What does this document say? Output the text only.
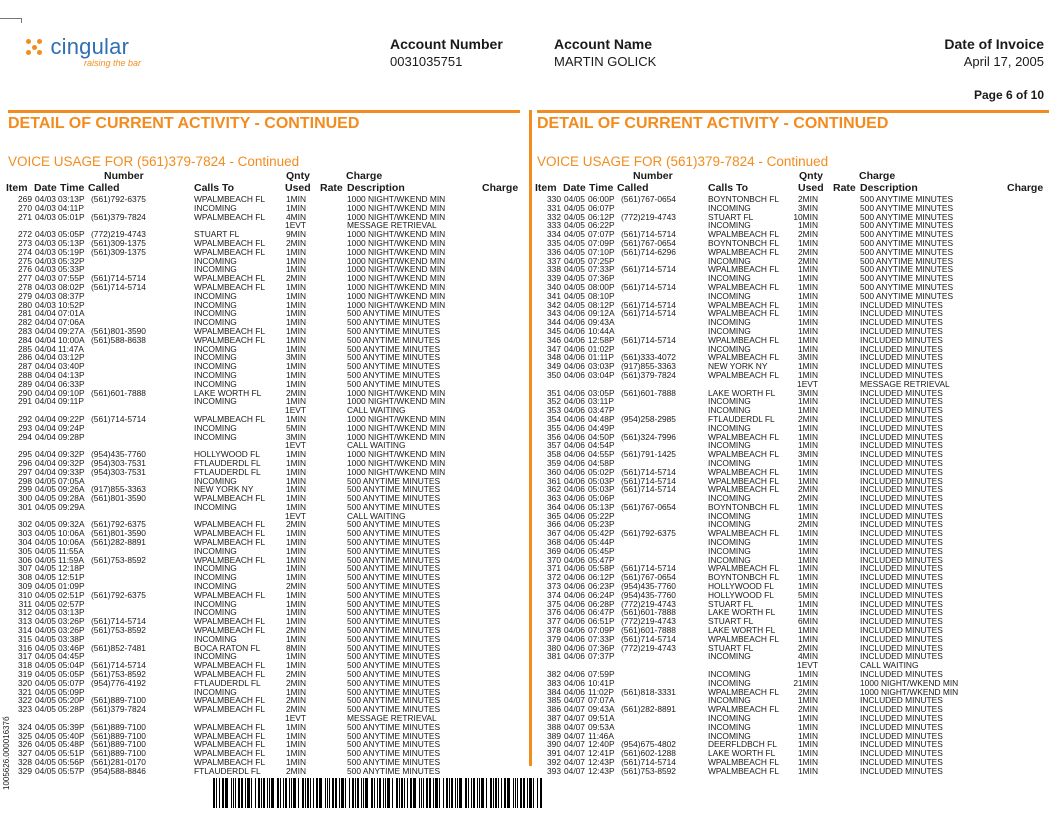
cingular
raising the bar
Account Number
0031035751
Account Name
MARTIN GOLICK
Date of Invoice
April 17, 2005
Page 6 of 10
DETAIL OF CURRENT ACTIVITY - CONTINUED
VOICE USAGE FOR (561)379-7824 - Continued
Number	Qnty	Charge
Item Date Time Called	Calls To	Used Rate Description	Charge
269 04/03 03:13P (561)792-6375	WPALMBEACH FL	1MIN	1000 NIGHT/WKEND MIN
270 04/03 04:11P	INCOMING	1MIN	1000 NIGHT/WKEND MIN
271 04/03 05:01P (561)379-7824	WPALMBEACH FL	4MIN	1000 NIGHT/WKEND MIN
1EVT	MESSAGE RETRIEVAL
272 04/03 05:05P (772)219-4743	STUART FL	9MIN	1000 NIGHT/WKEND MIN
273 04/03 05:13P (561)309-1375	WPALMBEACH FL	2MIN	1000 NIGHT/WKEND MIN
274 04/03 05:19P (561)309-1375	WPALMBEACH FL	1MIN	1000 NIGHT/WKEND MIN
275 04/03 05:32P	INCOMING	1MIN	1000 NIGHT/WKEND MIN
276 04/03 05:33P	INCOMING	1MIN	1000 NIGHT/WKEND MIN
277 04/03 07:55P (561)714-5714	WPALMBEACH FL	2MIN	1000 NIGHT/WKEND MIN
278 04/03 08:02P (561)714-5714	WPALMBEACH FL	1MIN	1000 NIGHT/WKEND MIN
279 04/03 08:37P	INCOMING	1MIN	1000 NIGHT/WKEND MIN
280 04/03 10:52P	INCOMING	1MIN	1000 NIGHT/WKEND MIN
281 04/04 07:01A	INCOMING	1MIN	500 ANYTIME MINUTES
282 04/04 07:06A	INCOMING	1MIN	500 ANYTIME MINUTES
283 04/04 09:27A (561)801-3590	WPALMBEACH FL	1MIN	500 ANYTIME MINUTES
284 04/04 10:00A (561)588-8638	WPALMBEACH FL	1MIN	500 ANYTIME MINUTES
285 04/04 11:47A	INCOMING	1MIN	500 ANYTIME MINUTES
286 04/04 03:12P	INCOMING	3MIN	500 ANYTIME MINUTES
287 04/04 03:40P	INCOMING	1MIN	500 ANYTIME MINUTES
288 04/04 04:13P	INCOMING	1MIN	500 ANYTIME MINUTES
289 04/04 06:33P	INCOMING	1MIN	500 ANYTIME MINUTES
290 04/04 09:10P (561)601-7888	LAKE WORTH FL	2MIN	1000 NIGHT/WKEND MIN
291 04/04 09:11P	INCOMING	1MIN	1000 NIGHT/WKEND MIN
1EVT	CALL WAITING
292 04/04 09:22P (561)714-5714	WPALMBEACH FL	1MIN	1000 NIGHT/WKEND MIN
293 04/04 09:24P	INCOMING	5MIN	1000 NIGHT/WKEND MIN
294 04/04 09:28P	INCOMING	3MIN	1000 NIGHT/WKEND MIN
1EVT	CALL WAITING
295 04/04 09:32P (954)435-7760	HOLLYWOOD FL	1MIN	1000 NIGHT/WKEND MIN
296 04/04 09:32P (954)303-7531	FTLAUDERDL FL	1MIN	1000 NIGHT/WKEND MIN
297 04/04 09:33P (954)303-7531	FTLAUDERDL FL	1MIN	1000 NIGHT/WKEND MIN
298 04/05 07:05A	INCOMING	1MIN	500 ANYTIME MINUTES
299 04/05 09:26A (917)855-3363	NEW YORK NY	1MIN	500 ANYTIME MINUTES
300 04/05 09:28A (561)801-3590	WPALMBEACH FL	1MIN	500 ANYTIME MINUTES
301 04/05 09:29A	INCOMING	1MIN	500 ANYTIME MINUTES
1EVT	CALL WAITING
302 04/05 09:32A (561)792-6375	WPALMBEACH FL	2MIN	500 ANYTIME MINUTES
303 04/05 10:06A (561)801-3590	WPALMBEACH FL	1MIN	500 ANYTIME MINUTES
304 04/05 10:06A (561)282-8891	WPALMBEACH FL	1MIN	500 ANYTIME MINUTES
305 04/05 11:55A	INCOMING	1MIN	500 ANYTIME MINUTES
306 04/05 11:59A (561)753-8592	WPALMBEACH FL	1MIN	500 ANYTIME MINUTES
307 04/05 12:18P	INCOMING	1MIN	500 ANYTIME MINUTES
308 04/05 12:51P	INCOMING	1MIN	500 ANYTIME MINUTES
309 04/05 01:09P	INCOMING	2MIN	500 ANYTIME MINUTES
310 04/05 02:51P (561)792-6375	WPALMBEACH FL	1MIN	500 ANYTIME MINUTES
311 04/05 02:57P	INCOMING	1MIN	500 ANYTIME MINUTES
312 04/05 03:13P	INCOMING	1MIN	500 ANYTIME MINUTES
313 04/05 03:26P (561)714-5714	WPALMBEACH FL	1MIN	500 ANYTIME MINUTES
314 04/05 03:26P (561)753-8592	WPALMBEACH FL	2MIN	500 ANYTIME MINUTES
315 04/05 03:38P	INCOMING	1MIN	500 ANYTIME MINUTES
316 04/05 03:46P (561)852-7481	BOCA RATON FL	8MIN	500 ANYTIME MINUTES
317 04/05 04:45P	INCOMING	1MIN	500 ANYTIME MINUTES
318 04/05 05:04P (561)714-5714	WPALMBEACH FL	1MIN	500 ANYTIME MINUTES
319 04/05 05:05P (561)753-8592	WPALMBEACH FL	2MIN	500 ANYTIME MINUTES
320 04/05 05:07P (954)776-4192	FTLAUDERDL FL	2MIN	500 ANYTIME MINUTES
321 04/05 05:09P	INCOMING	1MIN	500 ANYTIME MINUTES
322 04/05 05:20P (561)889-7100	WPALMBEACH FL	2MIN	500 ANYTIME MINUTES
323 04/05 05:28P (561)379-7824	WPALMBEACH FL	2MIN	500 ANYTIME MINUTES
1EVT	MESSAGE RETRIEVAL
324 04/05 05:39P (561)889-7100	WPALMBEACH FL	1MIN	500 ANYTIME MINUTES
325 04/05 05:40P (561)889-7100	WPALMBEACH FL	1MIN	500 ANYTIME MINUTES
326 04/05 05:48P (561)889-7100	WPALMBEACH FL	1MIN	500 ANYTIME MINUTES
327 04/05 05:51P (561)889-7100	WPALMBEACH FL	1MIN	500 ANYTIME MINUTES
328 04/05 05:56P (561)281-0170	WPALMBEACH FL	1MIN	500 ANYTIME MINUTES
329 04/05 05:57P (954)588-8846	FTLAUDERDL FL	2MIN	500 ANYTIME MINUTES
DETAIL OF CURRENT ACTIVITY - CONTINUED
VOICE USAGE FOR (561)379-7824 - Continued
Number	Qnty	Charge
Item Date Time Called	Calls To	Used Rate Description	Charge
330 04/05 06:00P (561)767-0654	BOYNTONBCH FL	2MIN	500 ANYTIME MINUTES
331 04/05 06:07P	INCOMING	3MIN	500 ANYTIME MINUTES
332 04/05 06:12P (772)219-4743	STUART FL	10MIN	500 ANYTIME MINUTES
333 04/05 06:22P	INCOMING	1MIN	500 ANYTIME MINUTES
334 04/05 07:07P (561)714-5714	WPALMBEACH FL	2MIN	500 ANYTIME MINUTES
335 04/05 07:09P (561)767-0654	BOYNTONBCH FL	1MIN	500 ANYTIME MINUTES
336 04/05 07:10P (561)714-6296	WPALMBEACH FL	2MIN	500 ANYTIME MINUTES
337 04/05 07:25P	INCOMING	2MIN	500 ANYTIME MINUTES
338 04/05 07:33P (561)714-5714	WPALMBEACH FL	1MIN	500 ANYTIME MINUTES
339 04/05 07:36P	INCOMING	1MIN	500 ANYTIME MINUTES
340 04/05 08:00P (561)714-5714	WPALMBEACH FL	1MIN	500 ANYTIME MINUTES
341 04/05 08:10P	INCOMING	1MIN	500 ANYTIME MINUTES
342 04/05 08:12P (561)714-5714	WPALMBEACH FL	1MIN	INCLUDED MINUTES
343 04/06 09:12A (561)714-5714	WPALMBEACH FL	1MIN	INCLUDED MINUTES
344 04/06 09:43A	INCOMING	1MIN	INCLUDED MINUTES
345 04/06 10:44A	INCOMING	1MIN	INCLUDED MINUTES
346 04/06 12:58P (561)714-5714	WPALMBEACH FL	1MIN	INCLUDED MINUTES
347 04/06 01:02P	INCOMING	1MIN	INCLUDED MINUTES
348 04/06 01:11P (561)333-4072	WPALMBEACH FL	3MIN	INCLUDED MINUTES
349 04/06 03:03P (917)855-3363	NEW YORK NY	1MIN	INCLUDED MINUTES
350 04/06 03:04P (561)379-7824	WPALMBEACH FL	1MIN	INCLUDED MINUTES
1EVT	MESSAGE RETRIEVAL
351 04/06 03:05P (561)601-7888	LAKE WORTH FL	3MIN	INCLUDED MINUTES
352 04/06 03:11P	INCOMING	1MIN	INCLUDED MINUTES
353 04/06 03:47P	INCOMING	1MIN	INCLUDED MINUTES
354 04/06 04:48P (954)258-2985	FTLAUDERDL FL	2MIN	INCLUDED MINUTES
355 04/06 04:49P	INCOMING	1MIN	INCLUDED MINUTES
356 04/06 04:50P (561)324-7996	WPALMBEACH FL	1MIN	INCLUDED MINUTES
357 04/06 04:54P	INCOMING	1MIN	INCLUDED MINUTES
358 04/06 04:55P (561)791-1425	WPALMBEACH FL	3MIN	INCLUDED MINUTES
359 04/06 04:58P	INCOMING	1MIN	INCLUDED MINUTES
360 04/06 05:02P (561)714-5714	WPALMBEACH FL	1MIN	INCLUDED MINUTES
361 04/06 05:03P (561)714-5714	WPALMBEACH FL	1MIN	INCLUDED MINUTES
362 04/06 05:03P (561)714-5714	WPALMBEACH FL	2MIN	INCLUDED MINUTES
363 04/06 05:06P	INCOMING	2MIN	INCLUDED MINUTES
364 04/06 05:13P (561)767-0654	BOYNTONBCH FL	1MIN	INCLUDED MINUTES
365 04/06 05:22P	INCOMING	1MIN	INCLUDED MINUTES
366 04/06 05:23P	INCOMING	2MIN	INCLUDED MINUTES
367 04/06 05:42P (561)792-6375	WPALMBEACH FL	1MIN	INCLUDED MINUTES
368 04/06 05:44P	INCOMING	1MIN	INCLUDED MINUTES
369 04/06 05:45P	INCOMING	1MIN	INCLUDED MINUTES
370 04/06 05:47P	INCOMING	1MIN	INCLUDED MINUTES
371 04/06 05:58P (561)714-5714	WPALMBEACH FL	1MIN	INCLUDED MINUTES
372 04/06 06:12P (561)767-0654	BOYNTONBCH FL	1MIN	INCLUDED MINUTES
373 04/06 06:23P (954)435-7760	HOLLYWOOD FL	1MIN	INCLUDED MINUTES
374 04/06 06:24P (954)435-7760	HOLLYWOOD FL	5MIN	INCLUDED MINUTES
375 04/06 06:28P (772)219-4743	STUART FL	1MIN	INCLUDED MINUTES
376 04/06 06:47P (561)601-7888	LAKE WORTH FL	1MIN	INCLUDED MINUTES
377 04/06 06:51P (772)219-4743	STUART FL	6MIN	INCLUDED MINUTES
378 04/06 07:09P (561)601-7888	LAKE WORTH FL	1MIN	INCLUDED MINUTES
379 04/06 07:33P (561)714-5714	WPALMBEACH FL	1MIN	INCLUDED MINUTES
380 04/06 07:36P (772)219-4743	STUART FL	2MIN	INCLUDED MINUTES
381 04/06 07:37P	INCOMING	4MIN	INCLUDED MINUTES
1EVT	CALL WAITING
382 04/06 07:59P	INCOMING	1MIN	INCLUDED MINUTES
383 04/06 10:41P	INCOMING	21MIN	1000 NIGHT/WKEND MIN
384 04/06 11:02P (561)818-3331	WPALMBEACH FL	2MIN	1000 NIGHT/WKEND MIN
385 04/07 07:07A	INCOMING	1MIN	INCLUDED MINUTES
386 04/07 09:43A (561)282-8891	WPALMBEACH FL	2MIN	INCLUDED MINUTES
387 04/07 09:51A	INCOMING	1MIN	INCLUDED MINUTES
388 04/07 09:53A	INCOMING	1MIN	INCLUDED MINUTES
389 04/07 11:46A	INCOMING	1MIN	INCLUDED MINUTES
390 04/07 12:40P (954)675-4802	DEERFLDBCH FL	1MIN	INCLUDED MINUTES
391 04/07 12:41P (561)602-1288	LAKE WORTH FL	1MIN	INCLUDED MINUTES
392 04/07 12:43P (561)714-5714	WPALMBEACH FL	1MIN	INCLUDED MINUTES
393 04/07 12:43P (561)753-8592	WPALMBEACH FL	1MIN	INCLUDED MINUTES
1005626.00001637б
